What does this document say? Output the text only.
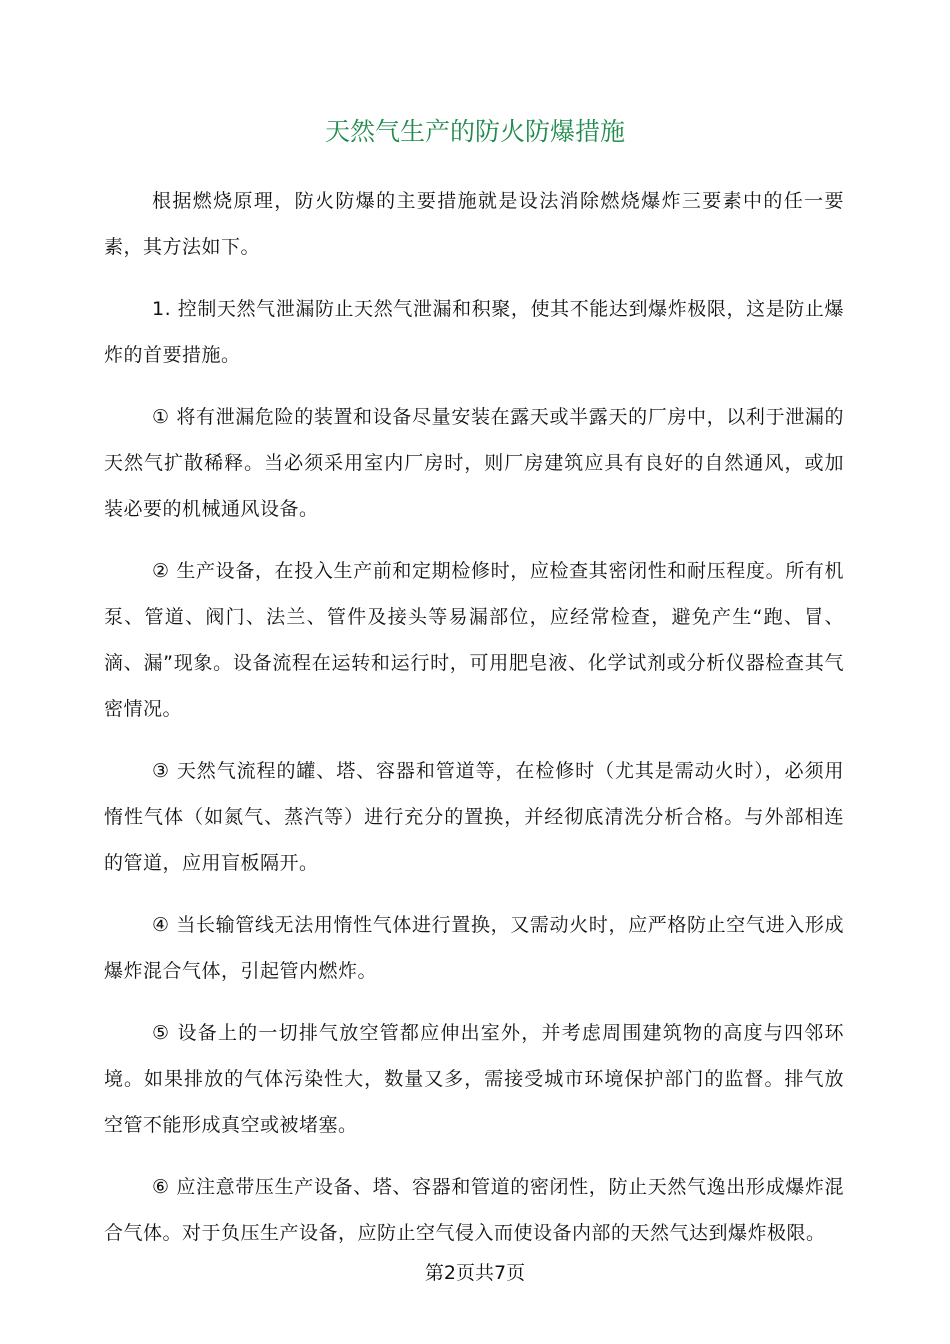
天然气生产的防火防爆措施

根据燃烧原理，防火防爆的主要措施就是设法消除燃烧爆炸三要素中的任一要素，其方法如下。

1. 控制天然气泄漏防止天然气泄漏和积聚，使其不能达到爆炸极限，这是防止爆炸的首要措施。

① 将有泄漏危险的装置和设备尽量安装在露天或半露天的厂房中，以利于泄漏的天然气扩散稀释。当必须采用室内厂房时，则厂房建筑应具有良好的自然通风，或加装必要的机械通风设备。

② 生产设备，在投入生产前和定期检修时，应检查其密闭性和耐压程度。所有机泵、管道、阀门、法兰、管件及接头等易漏部位，应经常检查，避免产生“跑、冒、滴、漏”现象。设备流程在运转和运行时，可用肥皂液、化学试剂或分析仪器检查其气密情况。

③ 天然气流程的罐、塔、容器和管道等，在检修时（尤其是需动火时），必须用惰性气体（如氮气、蒸汽等）进行充分的置换，并经彻底清洗分析合格。与外部相连的管道，应用盲板隔开。

④ 当长输管线无法用惰性气体进行置换，又需动火时，应严格防止空气进入形成爆炸混合气体，引起管内燃炸。

⑤ 设备上的一切排气放空管都应伸出室外，并考虑周围建筑物的高度与四邻环境。如果排放的气体污染性大，数量又多，需接受城市环境保护部门的监督。排气放空管不能形成真空或被堵塞。

⑥ 应注意带压生产设备、塔、容器和管道的密闭性，防止天然气逸出形成爆炸混合气体。对于负压生产设备，应防止空气侵入而使设备内部的天然气达到爆炸极限。

第2页共7页
